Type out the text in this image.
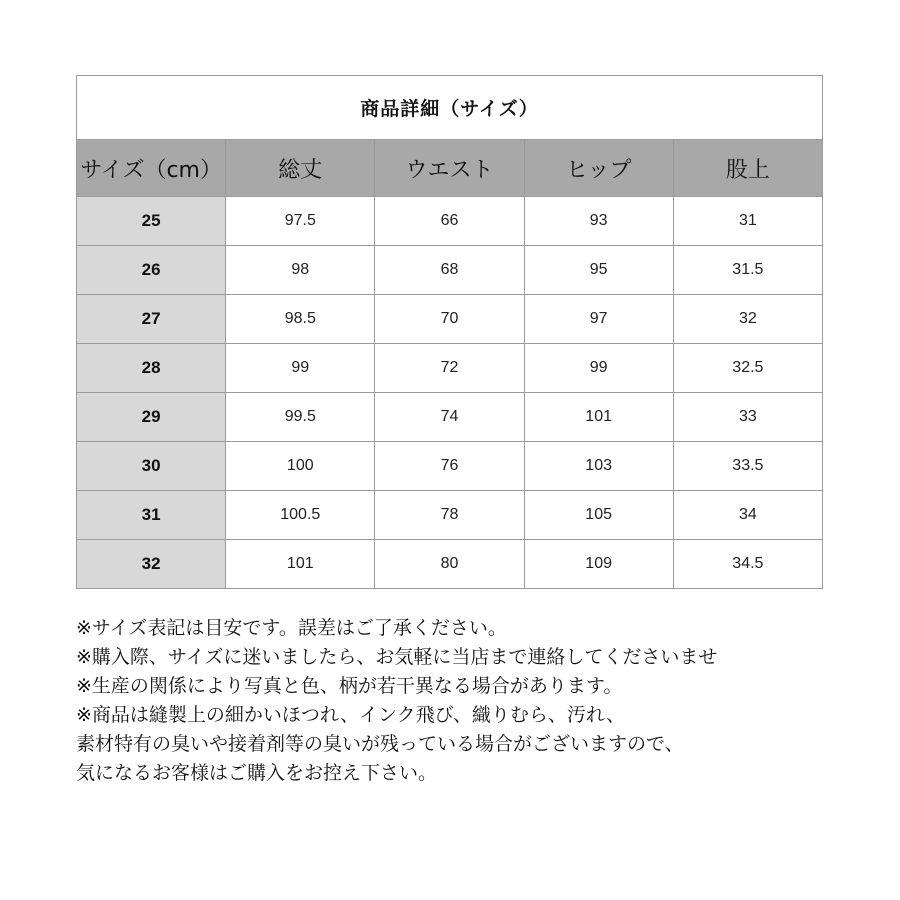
商品詳細（サイズ）				
サイズ（cm）	総丈	ウエスト	ヒップ	股上
25	97.5	66	93	31
26	98	68	95	31.5
27	98.5	70	97	32
28	99	72	99	32.5
29	99.5	74	101	33
30	100	76	103	33.5
31	100.5	78	105	34
32	101	80	109	34.5
※サイズ表記は目安です。誤差はご了承ください。
※購入際、サイズに迷いましたら、お気軽に当店まで連絡してくださいませ
※生産の関係により写真と色、柄が若干異なる場合があります。
※商品は縫製上の細かいほつれ、インク飛び、織りむら、汚れ、
素材特有の臭いや接着剤等の臭いが残っている場合がございますので、
気になるお客様はご購入をお控え下さい。
